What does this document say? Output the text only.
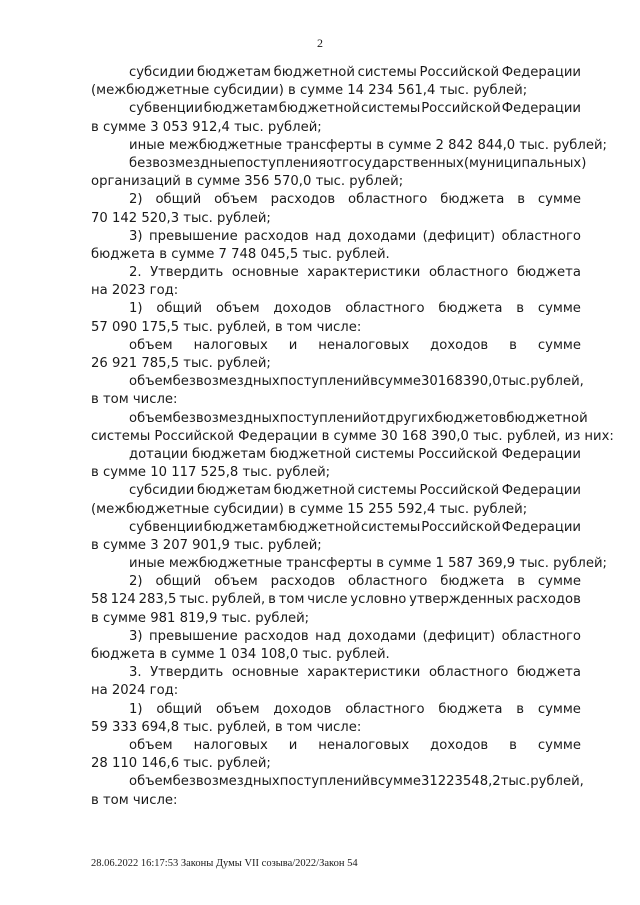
2
субсидии бюджетам бюджетной системы Российской Федерации
(межбюджетные субсидии) в сумме 14 234 561,4 тыс. рублей;
субвенции бюджетам бюджетной системы Российской Федерации
в сумме 3 053 912,4 тыс. рублей;
иные межбюджетные трансферты в сумме 2 842 844,0 тыс. рублей;
безвозмездные поступления от государственных (муниципальных)
организаций в сумме 356 570,0 тыс. рублей;
2) общий объем расходов областного бюджета в сумме
70 142 520,3 тыс. рублей;
3) превышение расходов над доходами (дефицит) областного
бюджета в сумме 7 748 045,5 тыс. рублей.
2. Утвердить основные характеристики областного бюджета
на 2023 год:
1) общий объем доходов областного бюджета в сумме
57 090 175,5 тыс. рублей, в том числе:
объем налоговых и неналоговых доходов в сумме
26 921 785,5 тыс. рублей;
объем безвозмездных поступлений в сумме 30 168 390,0 тыс. рублей,
в том числе:
объем безвозмездных поступлений от других бюджетов бюджетной
системы Российской Федерации в сумме 30 168 390,0 тыс. рублей, из них:
дотации бюджетам бюджетной системы Российской Федерации
в сумме 10 117 525,8 тыс. рублей;
субсидии бюджетам бюджетной системы Российской Федерации
(межбюджетные субсидии) в сумме 15 255 592,4 тыс. рублей;
субвенции бюджетам бюджетной системы Российской Федерации
в сумме 3 207 901,9 тыс. рублей;
иные межбюджетные трансферты в сумме 1 587 369,9 тыс. рублей;
2) общий объем расходов областного бюджета в сумме
58 124 283,5 тыс. рублей, в том числе условно утвержденных расходов
в сумме 981 819,9 тыс. рублей;
3) превышение расходов над доходами (дефицит) областного
бюджета в сумме 1 034 108,0 тыс. рублей.
3. Утвердить основные характеристики областного бюджета
на 2024 год:
1) общий объем доходов областного бюджета в сумме
59 333 694,8 тыс. рублей, в том числе:
объем налоговых и неналоговых доходов в сумме
28 110 146,6 тыс. рублей;
объем безвозмездных поступлений в сумме 31 223 548,2 тыс. рублей,
в том числе:
28.06.2022 16:17:53 Законы Думы VII созыва/2022/Закон 54
